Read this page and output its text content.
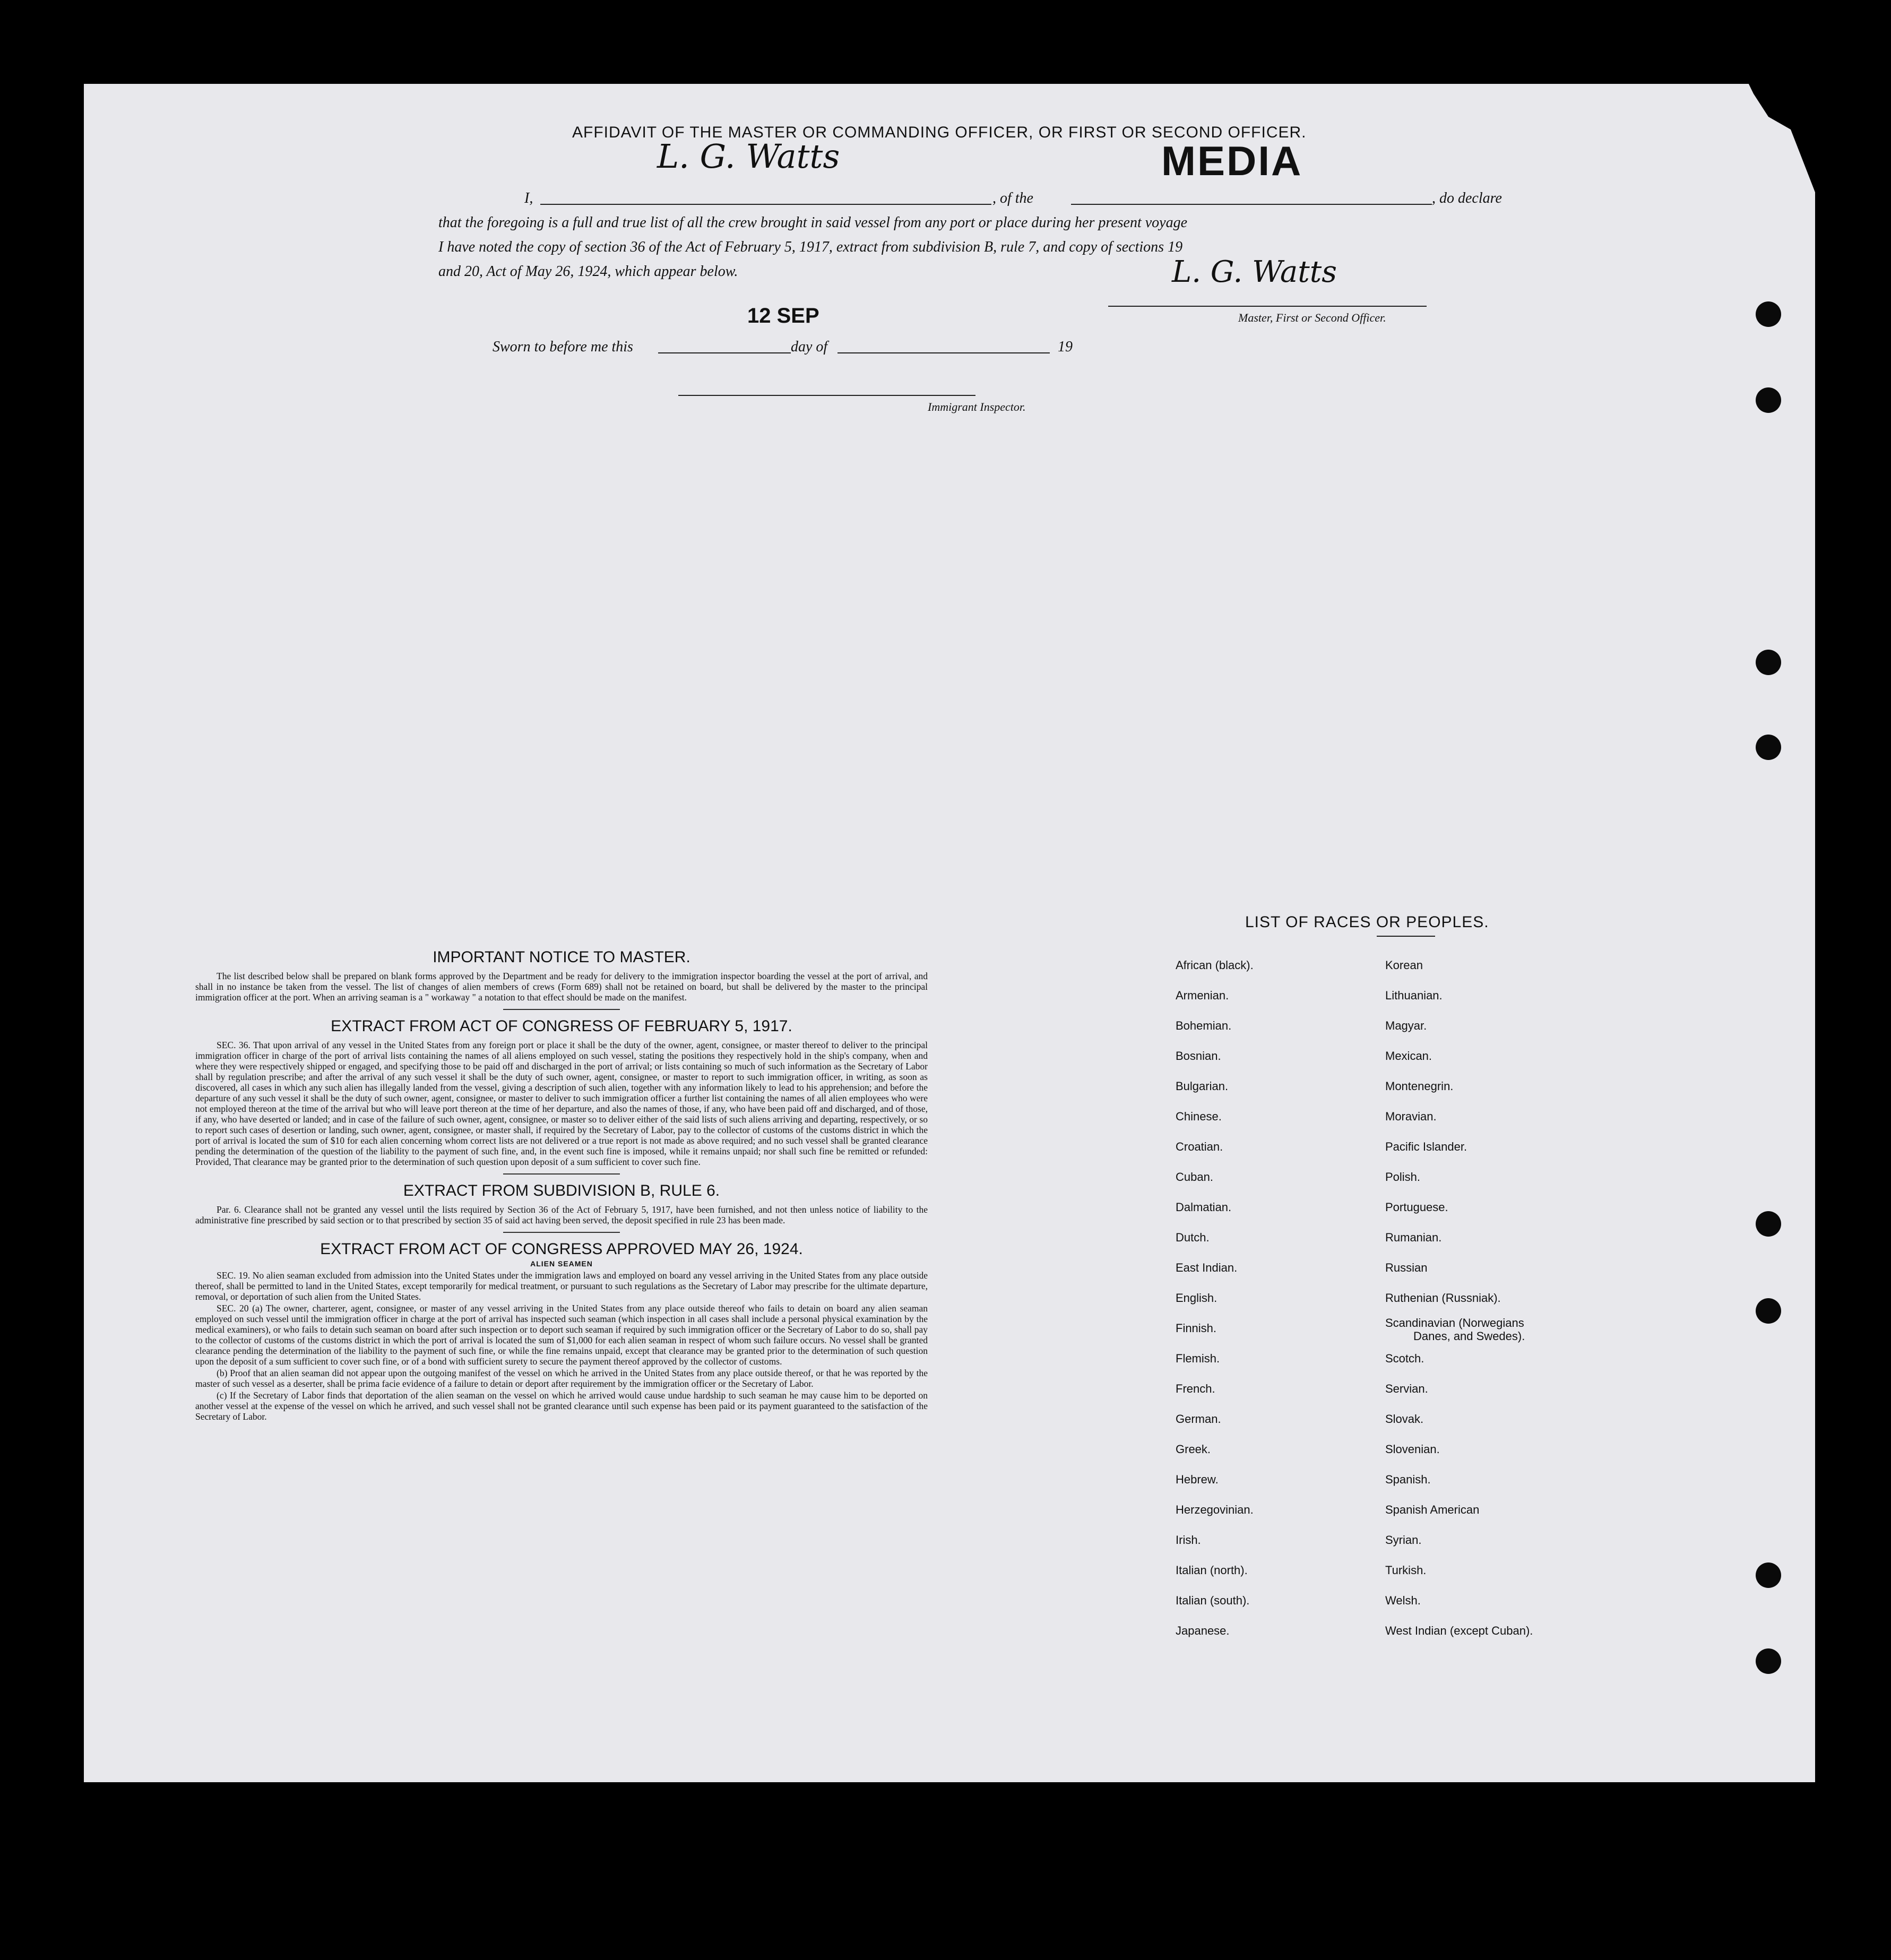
AFFIDAVIT OF THE MASTER OR COMMANDING OFFICER, OR FIRST OR SECOND OFFICER.
L. G. Watts	MEDIA
I,	, of the	, do declare
that the foregoing is a full and true list of all the crew brought in said vessel from any port or place during her present voyage
I have noted the copy of section 36 of the Act of February 5, 1917, extract from subdivision B, rule 7, and copy of sections 19
and 20, Act of May 26, 1924, which appear below.	L. G. Watts
Master, First or Second Officer.
12 SEP
Sworn to before me this	day of	19
Immigrant Inspector.
IMPORTANT NOTICE TO MASTER.

The list described below shall be prepared on blank forms approved by the Department and be ready for delivery to the immigration inspector boarding the vessel at the port of arrival, and shall in no instance be taken from the vessel. The list of changes of alien members of crews (Form 689) shall not be retained on board, but shall be delivered by the master to the principal immigration officer at the port. When an arriving seaman is a " workaway " a notation to that effect should be made on the manifest.

EXTRACT FROM ACT OF CONGRESS OF FEBRUARY 5, 1917.

SEC. 36. That upon arrival of any vessel in the United States from any foreign port or place it shall be the duty of the owner, agent, consignee, or master thereof to deliver to the principal immigration officer in charge of the port of arrival lists containing the names of all aliens employed on such vessel, stating the positions they respectively hold in the ship's company, when and where they were respectively shipped or engaged, and specifying those to be paid off and discharged in the port of arrival; or lists containing so much of such information as the Secretary of Labor shall by regulation prescribe; and after the arrival of any such vessel it shall be the duty of such owner, agent, consignee, or master to report to such immigration officer, in writing, as soon as discovered, all cases in which any such alien has illegally landed from the vessel, giving a description of such alien, together with any information likely to lead to his apprehension; and before the departure of any such vessel it shall be the duty of such owner, agent, consignee, or master to deliver to such immigration officer a further list containing the names of all alien employees who were not employed thereon at the time of the arrival but who will leave port thereon at the time of her departure, and also the names of those, if any, who have been paid off and discharged, and of those, if any, who have deserted or landed; and in case of the failure of such owner, agent, consignee, or master so to deliver either of the said lists of such aliens arriving and departing, respectively, or so to report such cases of desertion or landing, such owner, agent, consignee, or master shall, if required by the Secretary of Labor, pay to the collector of customs of the customs district in which the port of arrival is located the sum of $10 for each alien concerning whom correct lists are not delivered or a true report is not made as above required; and no such vessel shall be granted clearance pending the determination of the question of the liability to the payment of such fine, and, in the event such fine is imposed, while it remains unpaid; nor shall such fine be remitted or refunded: Provided, That clearance may be granted prior to the determination of such question upon deposit of a sum sufficient to cover such fine.

EXTRACT FROM SUBDIVISION B, RULE 6.

Par. 6. Clearance shall not be granted any vessel until the lists required by Section 36 of the Act of February 5, 1917, have been furnished, and not then unless notice of liability to the administrative fine prescribed by said section or to that prescribed by section 35 of said act having been served, the deposit specified in rule 23 has been made.

EXTRACT FROM ACT OF CONGRESS APPROVED MAY 26, 1924.
ALIEN SEAMEN

SEC. 19. No alien seaman excluded from admission into the United States under the immigration laws and employed on board any vessel arriving in the United States from any place outside thereof, shall be permitted to land in the United States, except temporarily for medical treatment, or pursuant to such regulations as the Secretary of Labor may prescribe for the ultimate departure, removal, or deportation of such alien from the United States.

SEC. 20 (a) The owner, charterer, agent, consignee, or master of any vessel arriving in the United States from any place outside thereof who fails to detain on board any alien seaman employed on such vessel until the immigration officer in charge at the port of arrival has inspected such seaman (which inspection in all cases shall include a personal physical examination by the medical examiners), or who fails to detain such seaman on board after such inspection or to deport such seaman if required by such immigration officer or the Secretary of Labor to do so, shall pay to the collector of customs of the customs district in which the port of arrival is located the sum of $1,000 for each alien seaman in respect of whom such failure occurs. No vessel shall be granted clearance pending the determination of the liability to the payment of such fine, or while the fine remains unpaid, except that clearance may be granted prior to the determination of such question upon the deposit of a sum sufficient to cover such fine, or of a bond with sufficient surety to secure the payment thereof approved by the collector of customs.

(b) Proof that an alien seaman did not appear upon the outgoing manifest of the vessel on which he arrived in the United States from any place outside thereof, or that he was reported by the master of such vessel as a deserter, shall be prima facie evidence of a failure to detain or deport after requirement by the immigration officer or the Secretary of Labor.

(c) If the Secretary of Labor finds that deportation of the alien seaman on the vessel on which he arrived would cause undue hardship to such seaman he may cause him to be deported on another vessel at the expense of the vessel on which he arrived, and such vessel shall not be granted clearance until such expense has been paid or its payment guaranteed to the satisfaction of the Secretary of Labor.

LIST OF RACES OR PEOPLES.
African (black).
Armenian.
Bohemian.
Bosnian.
Bulgarian.
Chinese.
Croatian.
Cuban.
Dalmatian.
Dutch.
East Indian.
English.
Finnish.
Flemish.
French.
German.
Greek.
Hebrew.
Herzegovinian.
Irish.
Italian (north).
Italian (south).
Japanese.
Korean
Lithuanian.
Magyar.
Mexican.
Montenegrin.
Moravian.
Pacific Islander.
Polish.
Portuguese.
Rumanian.
Russian
Ruthenian (Russniak).
Scandinavian (Norwegians
Danes, and Swedes).
Scotch.
Servian.
Slovak.
Slovenian.
Spanish.
Spanish American
Syrian.
Turkish.
Welsh.
West Indian (except Cuban).
